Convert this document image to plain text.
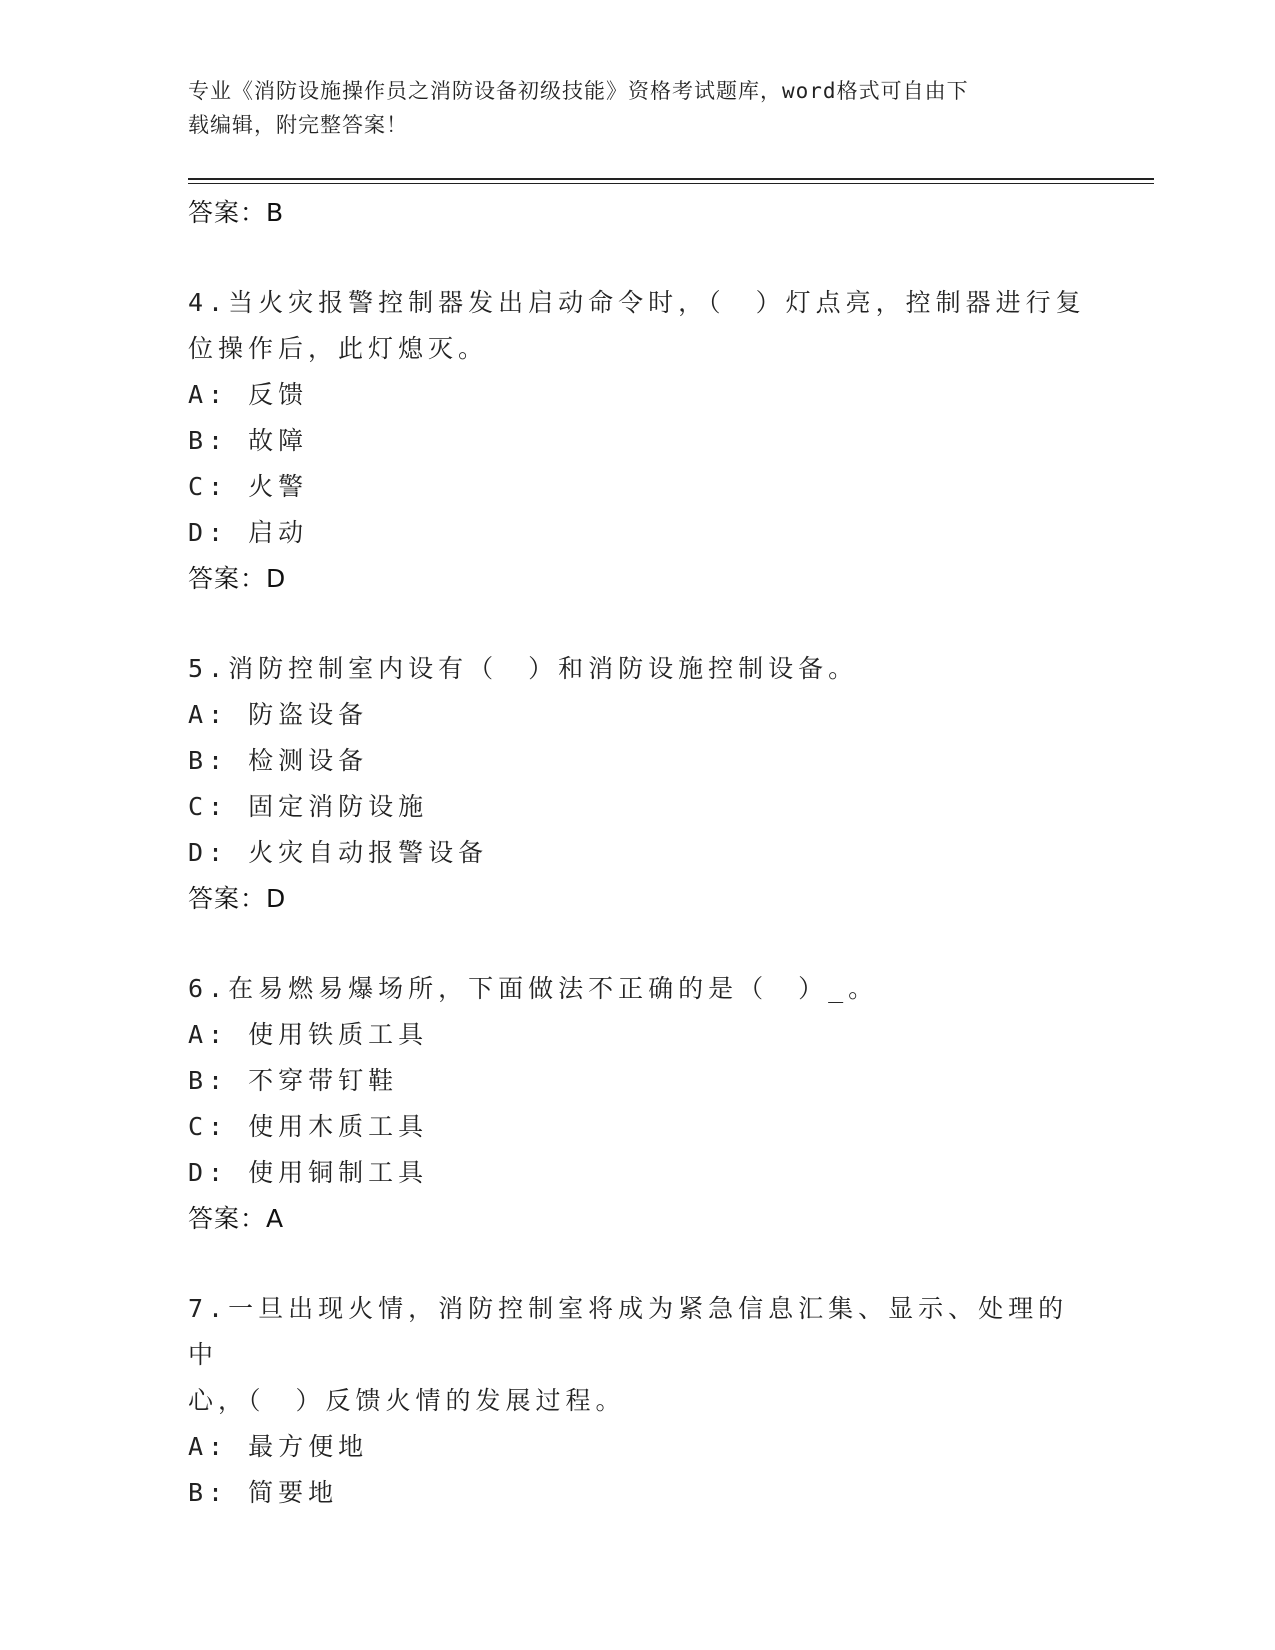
专业《消防设施操作员之消防设备初级技能》资格考试题库，word格式可自由下
载编辑，附完整答案！
答案：B
4.当火灾报警控制器发出启动命令时，（　）灯点亮，控制器进行复
位操作后，此灯熄灭。
A: 反馈
B: 故障
C: 火警
D: 启动
答案：D
5.消防控制室内设有（　）和消防设施控制设备。
A: 防盗设备
B: 检测设备
C: 固定消防设施
D: 火灾自动报警设备
答案：D
6.在易燃易爆场所，下面做法不正确的是（　）_。
A: 使用铁质工具
B: 不穿带钉鞋
C: 使用木质工具
D: 使用铜制工具
答案：A
7.一旦出现火情，消防控制室将成为紧急信息汇集、显示、处理的中
心，（　）反馈火情的发展过程。
A: 最方便地
B: 简要地
